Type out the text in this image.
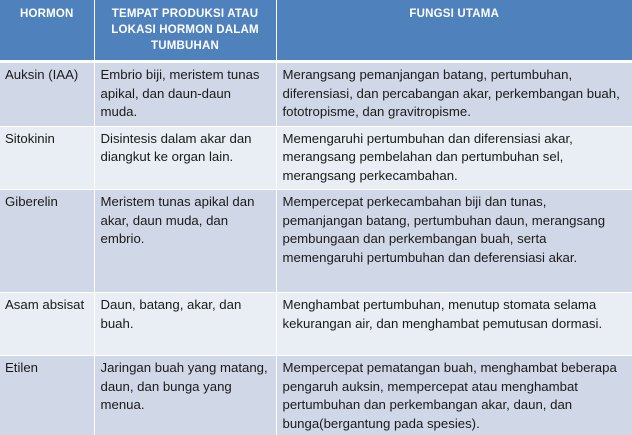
HORMON	TEMPAT PRODUKSI ATAU LOKASI HORMON DALAM TUMBUHAN	FUNGSI UTAMA
Auksin (IAA)	Embrio biji, meristem tunas apikal, dan daun-daun muda.	Merangsang pemanjangan batang, pertumbuhan, diferensiasi, dan percabangan akar, perkembangan buah, fototropisme, dan gravitropisme.
Sitokinin	Disintesis dalam akar dan diangkut ke organ lain.	Memengaruhi pertumbuhan dan diferensiasi akar, merangsang pembelahan dan pertumbuhan sel, merangsang perkecambahan.
Giberelin	Meristem tunas apikal dan akar, daun muda, dan embrio.	Mempercepat perkecambahan biji dan tunas, pemanjangan batang, pertumbuhan daun, merangsang pembungaan dan perkembangan buah, serta memengaruhi pertumbuhan dan deferensiasi akar.
Asam absisat	Daun, batang, akar, dan buah.	Menghambat pertumbuhan, menutup stomata selama kekurangan air, dan menghambat pemutusan dormasi.
Etilen	Jaringan buah yang matang, daun, dan bunga yang menua.	Mempercepat pematangan buah, menghambat beberapa pengaruh auksin, mempercepat atau menghambat pertumbuhan dan perkembangan akar, daun, dan bunga(bergantung pada spesies).
